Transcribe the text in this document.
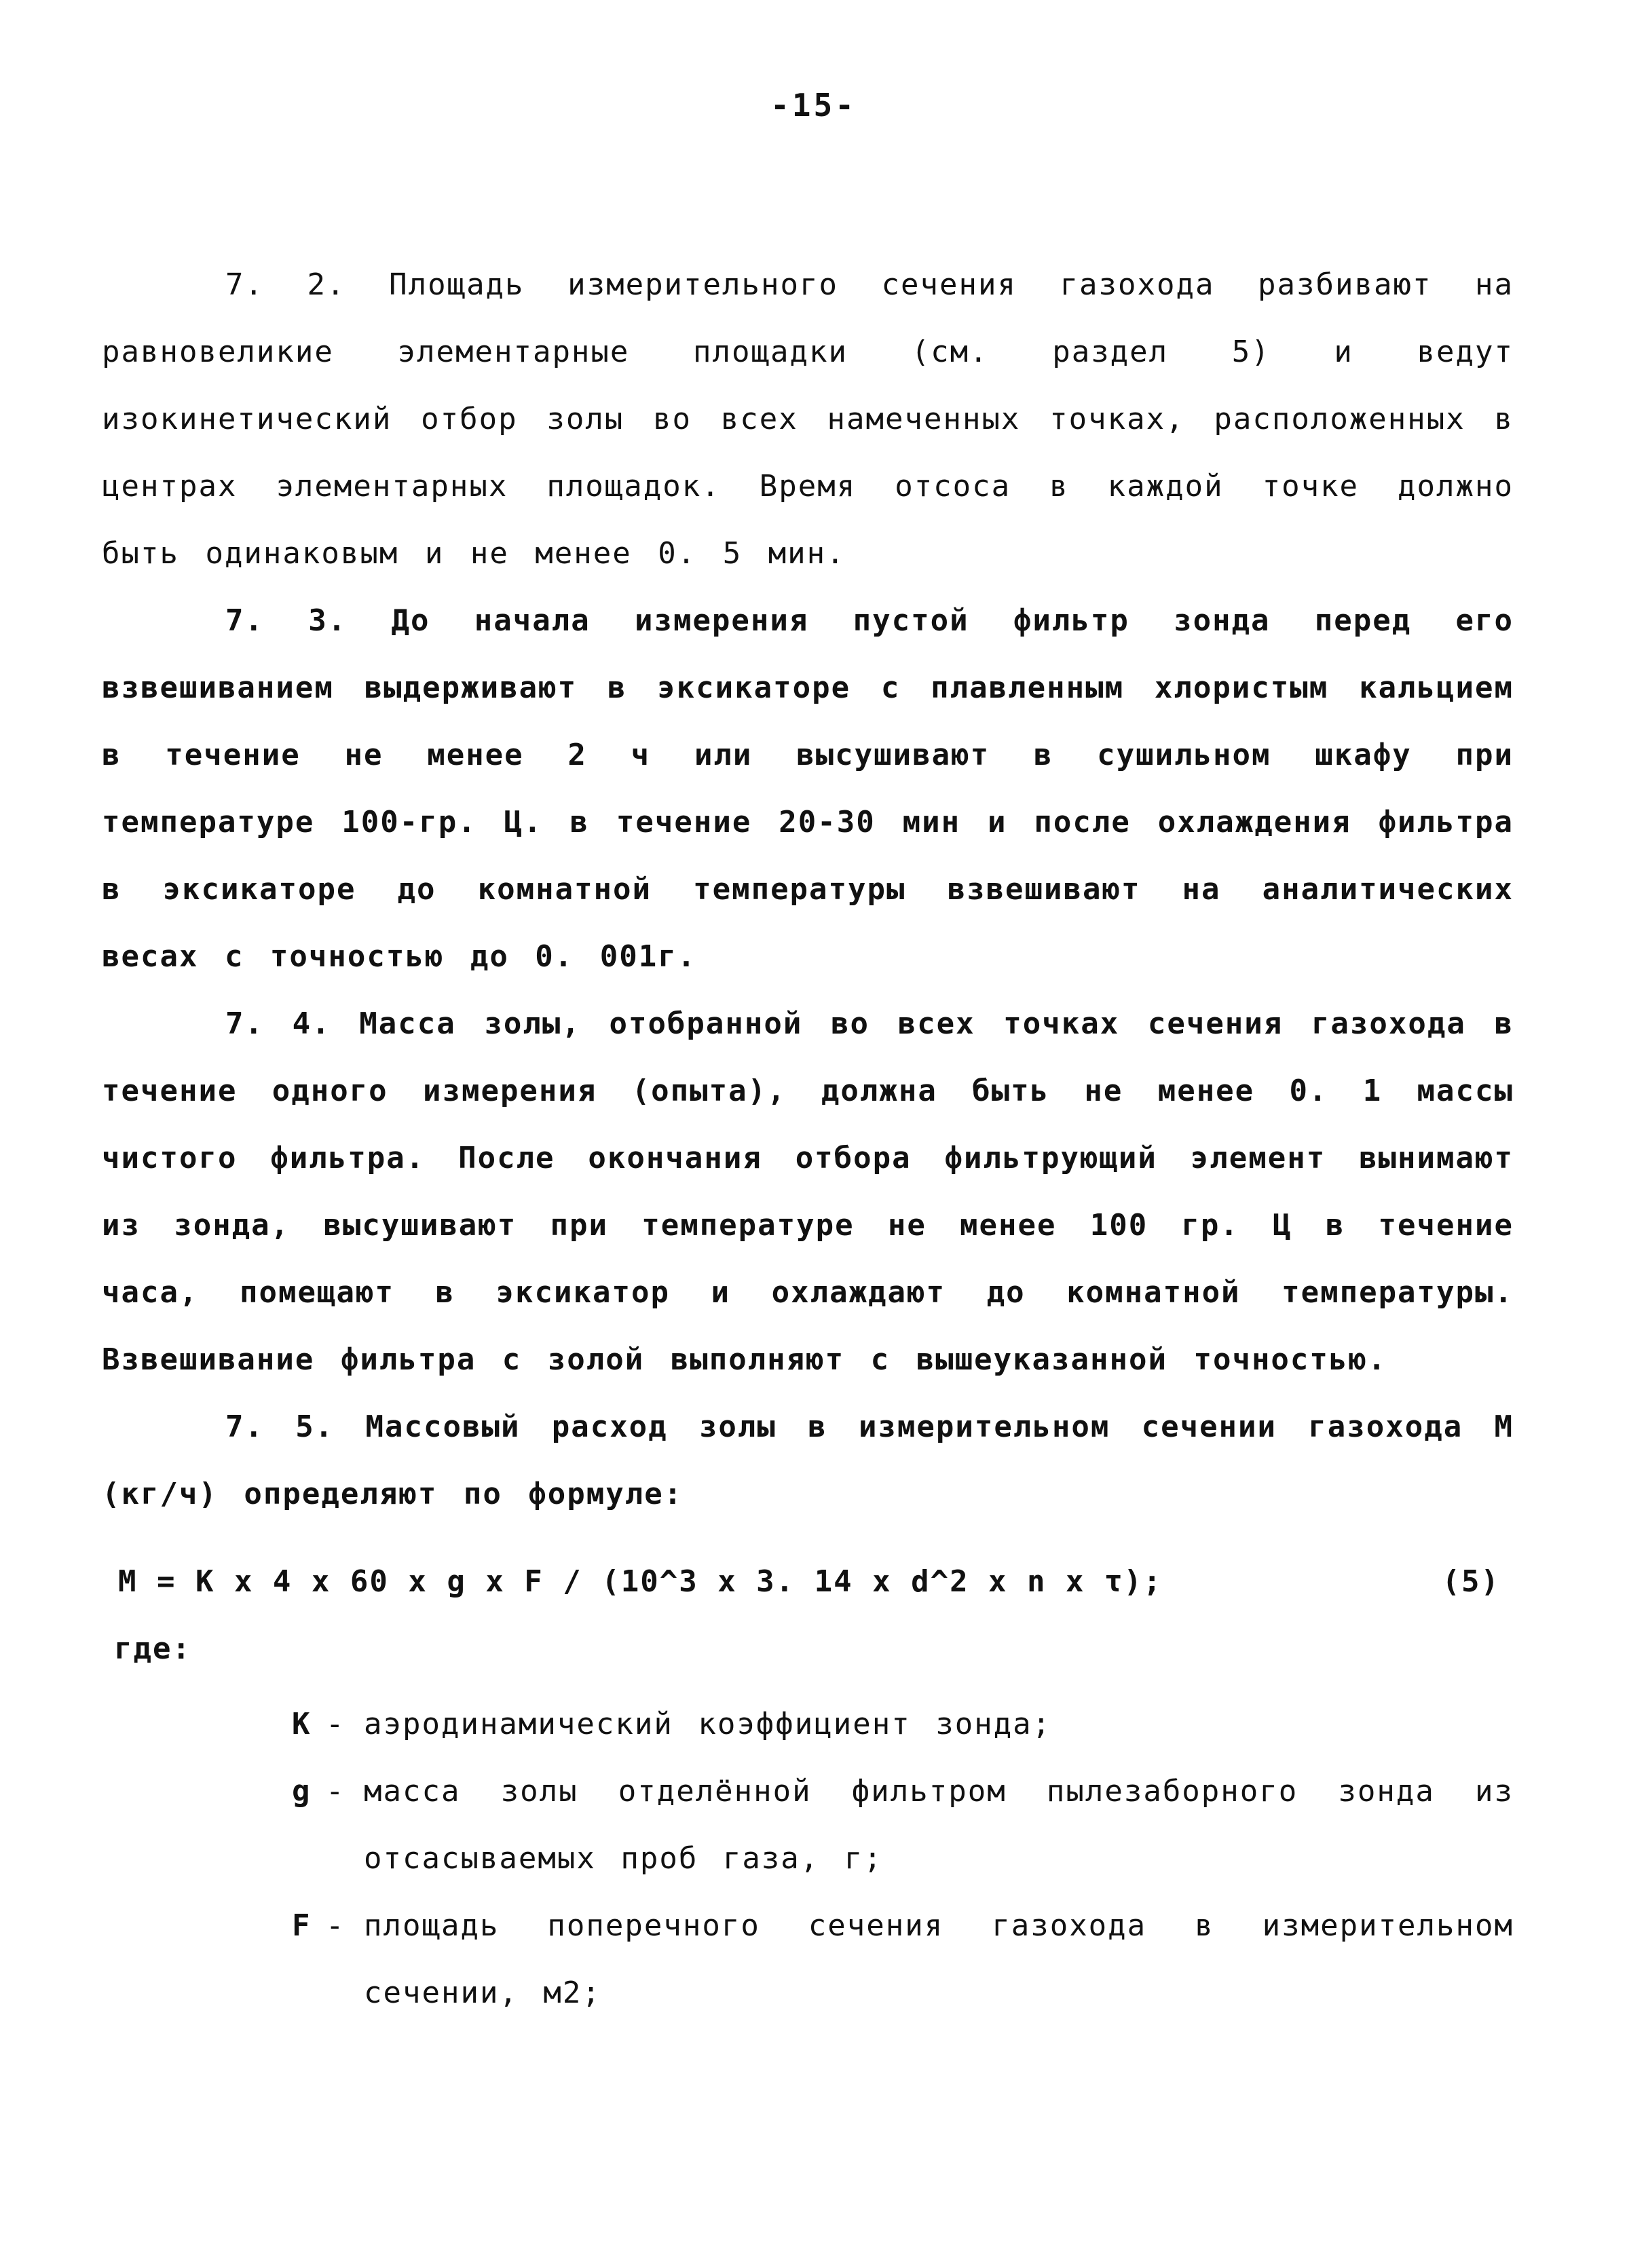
-15-

7. 2. Площадь измерительного сечения газохода разбивают на равновеликие элементарные площадки (см. раздел 5) и ведут изокинетический отбор золы во всех намеченных точках, расположенных в центрах элементарных площадок. Время отсоса в каждой точке должно быть одинаковым и не менее 0. 5 мин.

7. 3. До начала измерения пустой фильтр зонда перед его взвешиванием выдерживают в эксикаторе с плавленным хлористым кальцием в течение не менее 2 ч или высушивают в сушильном шкафу при температуре 100-гр. Ц. в течение 20-30 мин и после охлаждения фильтра в эксикаторе до комнатной температуры взвешивают на аналитических весах с точностью до 0. 001г.

7. 4. Масса золы, отобранной во всех точках сечения газохода в течение одного измерения (опыта), должна быть не менее 0. 1 массы чистого фильтра. После окончания отбора фильтрующий элемент вынимают из зонда, высушивают при температуре не менее 100 гр. Ц в течение часа, помещают в эксикатор и охлаждают до комнатной температуры. Взвешивание фильтра с золой выполняют с вышеуказанной точностью.

7. 5. Массовый расход золы в измерительном сечении газохода M (кг/ч) определяют по формуле:

M = K x 4 x 60 x g x F / (10^3 x 3. 14 x d^2 x n x τ);	(5)

где:

K - аэродинамический коэффициент зонда;
g - масса золы отделённой фильтром пылезаборного зонда из отсасываемых проб газа, г;
F - площадь поперечного сечения газохода в измерительном сечении, м2;
